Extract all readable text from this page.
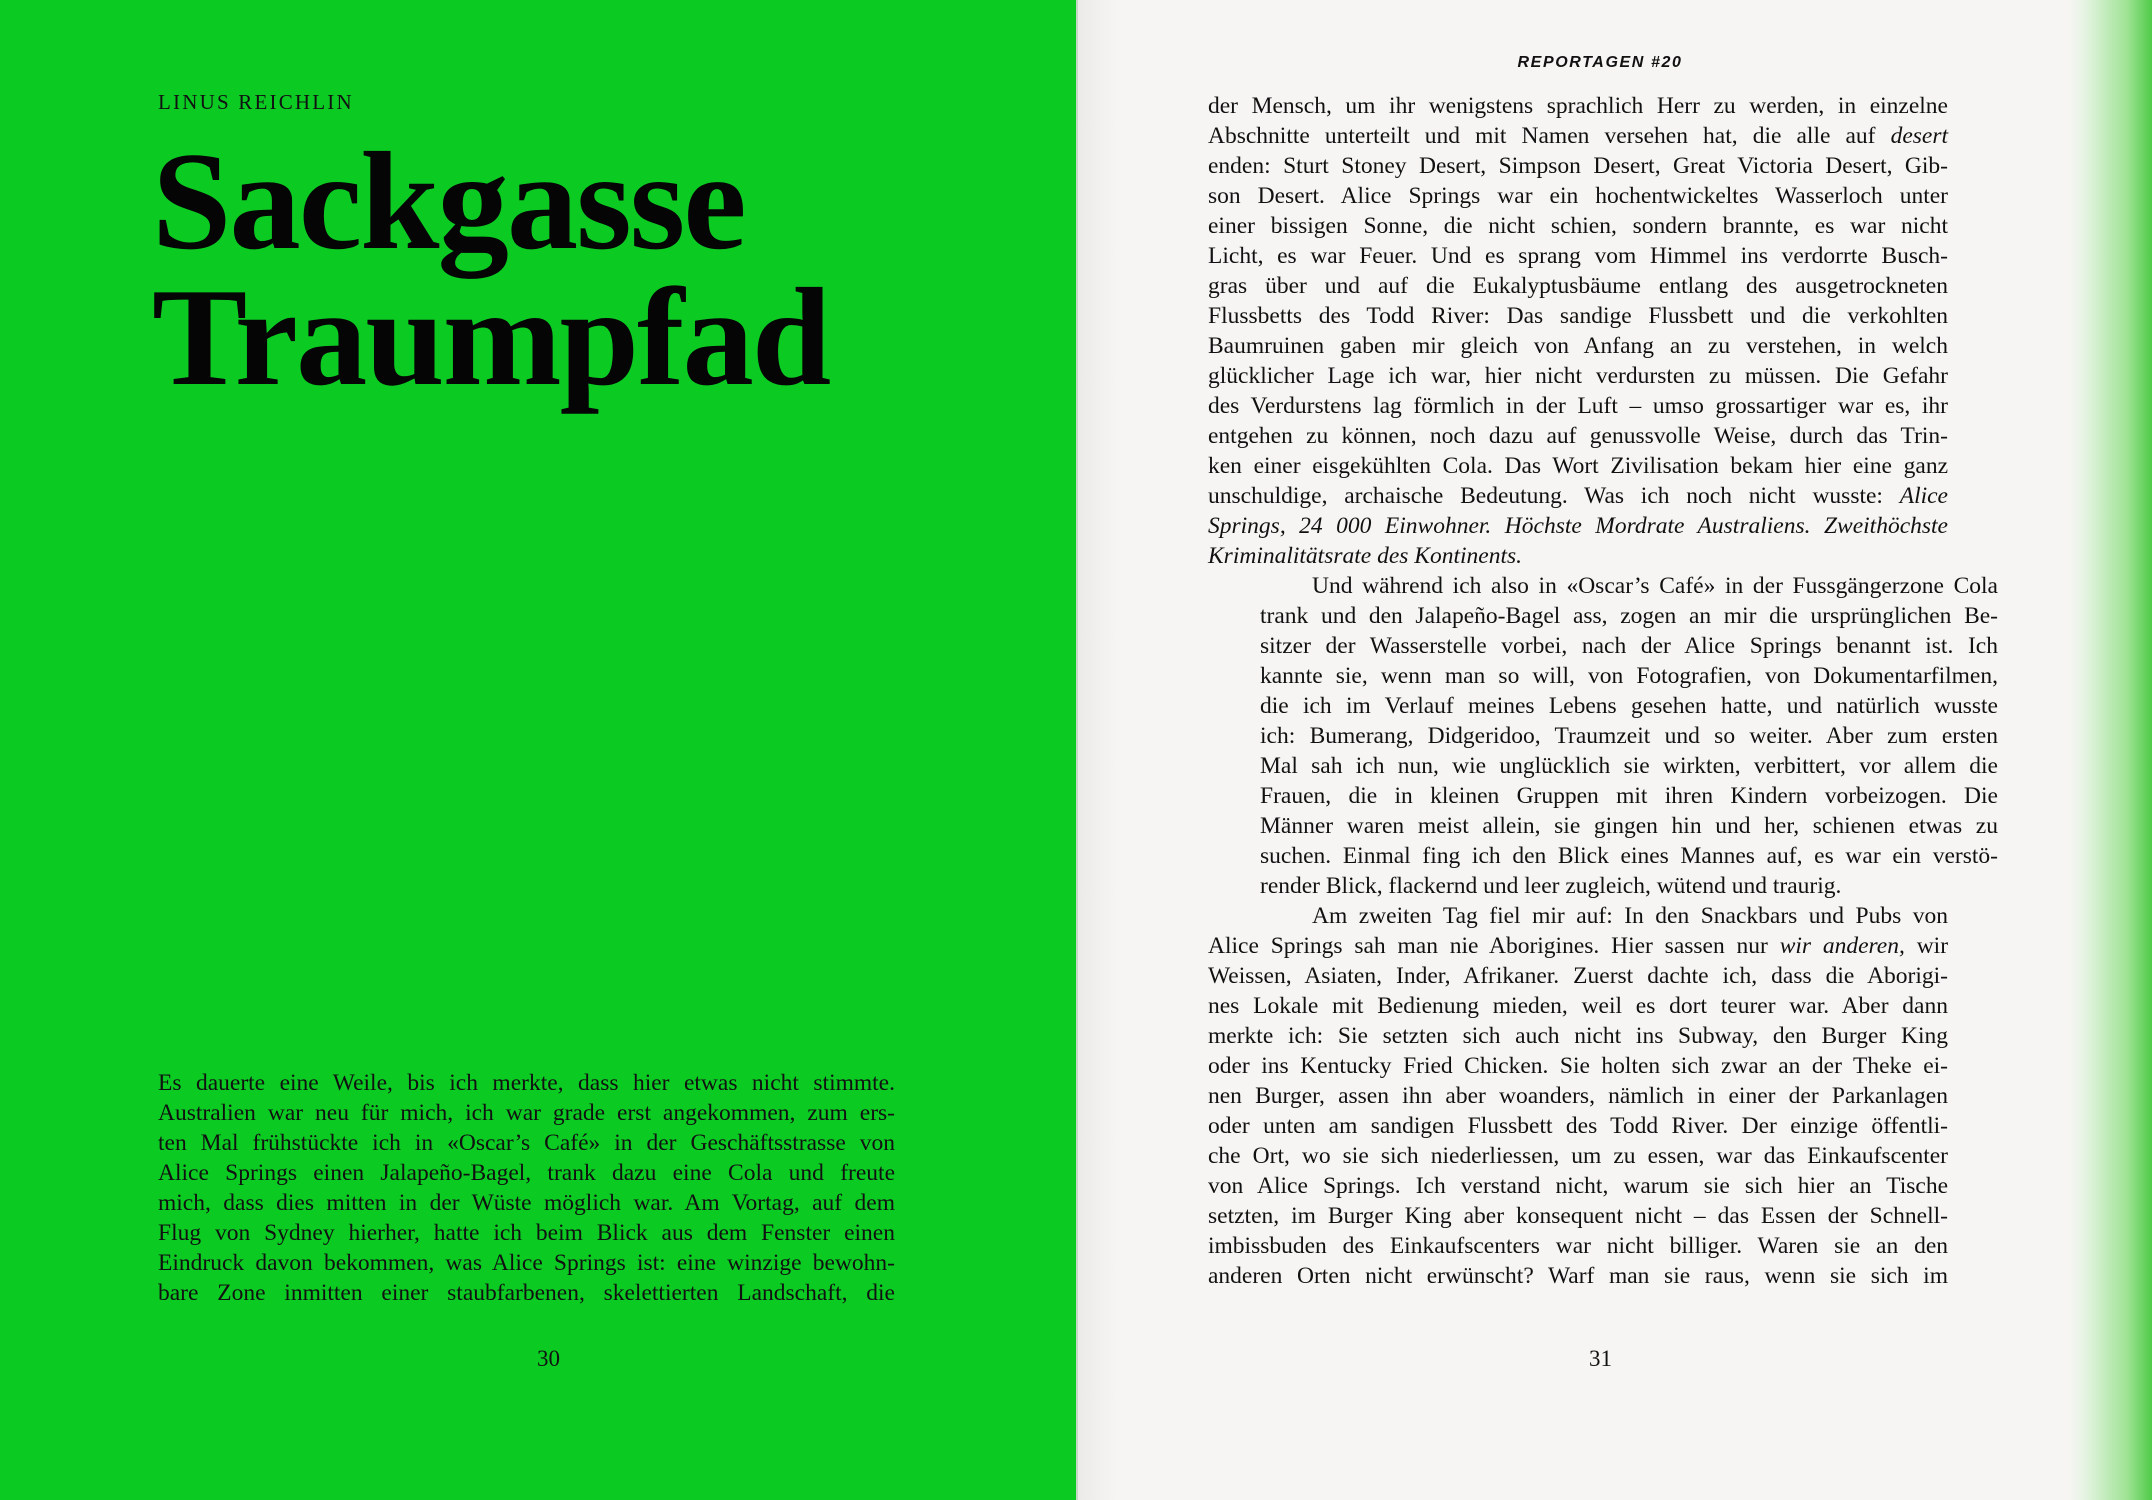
LINUS REICHLIN
Sackgasse
Traumpfad
Es dauerte eine Weile, bis ich merkte, dass hier etwas nicht stimmte.
Australien war neu für mich, ich war grade erst angekommen, zum ers-
ten Mal frühstückte ich in «Oscar’s Café» in der Geschäftsstrasse von
Alice Springs einen Jalapeño-Bagel, trank dazu eine Cola und freute
mich, dass dies mitten in der Wüste möglich war. Am Vortag, auf dem
Flug von Sydney hierher, hatte ich beim Blick aus dem Fenster einen
Eindruck davon bekommen, was Alice Springs ist: eine winzige bewohn-
bare Zone inmitten einer staubfarbenen, skelettierten Landschaft, die
30
REPORTAGEN #20
der Mensch, um ihr wenigstens sprachlich Herr zu werden, in einzelne
Abschnitte unterteilt und mit Namen versehen hat, die alle auf desert
enden: Sturt Stoney Desert, Simpson Desert, Great Victoria Desert, Gib-
son Desert. Alice Springs war ein hochentwickeltes Wasserloch unter
einer bissigen Sonne, die nicht schien, sondern brannte, es war nicht
Licht, es war Feuer. Und es sprang vom Himmel ins verdorrte Busch-
gras über und auf die Eukalyptusbäume entlang des ausgetrockneten
Flussbetts des Todd River: Das sandige Flussbett und die verkohlten
Baumruinen gaben mir gleich von Anfang an zu verstehen, in welch
glücklicher Lage ich war, hier nicht verdursten zu müssen. Die Gefahr
des Verdurstens lag förmlich in der Luft – umso grossartiger war es, ihr
entgehen zu können, noch dazu auf genussvolle Weise, durch das Trin-
ken einer eisgekühlten Cola. Das Wort Zivilisation bekam hier eine ganz
unschuldige, archaische Bedeutung. Was ich noch nicht wusste: Alice
Springs, 24 000 Einwohner. Höchste Mordrate Australiens. Zweithöchste
Kriminalitätsrate des Kontinents.
Und während ich also in «Oscar’s Café» in der Fussgängerzone Cola
trank und den Jalapeño-Bagel ass, zogen an mir die ursprünglichen Be-
sitzer der Wasserstelle vorbei, nach der Alice Springs benannt ist. Ich
kannte sie, wenn man so will, von Fotografien, von Dokumentarfilmen,
die ich im Verlauf meines Lebens gesehen hatte, und natürlich wusste
ich: Bumerang, Didgeridoo, Traumzeit und so weiter. Aber zum ersten
Mal sah ich nun, wie unglücklich sie wirkten, verbittert, vor allem die
Frauen, die in kleinen Gruppen mit ihren Kindern vorbeizogen. Die
Männer waren meist allein, sie gingen hin und her, schienen etwas zu
suchen. Einmal fing ich den Blick eines Mannes auf, es war ein verstö-
render Blick, flackernd und leer zugleich, wütend und traurig.
Am zweiten Tag fiel mir auf: In den Snackbars und Pubs von
Alice Springs sah man nie Aborigines. Hier sassen nur wir anderen, wir
Weissen, Asiaten, Inder, Afrikaner. Zuerst dachte ich, dass die Aborigi-
nes Lokale mit Bedienung mieden, weil es dort teurer war. Aber dann
merkte ich: Sie setzten sich auch nicht ins Subway, den Burger King
oder ins Kentucky Fried Chicken. Sie holten sich zwar an der Theke ei-
nen Burger, assen ihn aber woanders, nämlich in einer der Parkanlagen
oder unten am sandigen Flussbett des Todd River. Der einzige öffentli-
che Ort, wo sie sich niederliessen, um zu essen, war das Einkaufscenter
von Alice Springs. Ich verstand nicht, warum sie sich hier an Tische
setzten, im Burger King aber konsequent nicht – das Essen der Schnell-
imbissbuden des Einkaufscenters war nicht billiger. Waren sie an den
anderen Orten nicht erwünscht? Warf man sie raus, wenn sie sich im
31
